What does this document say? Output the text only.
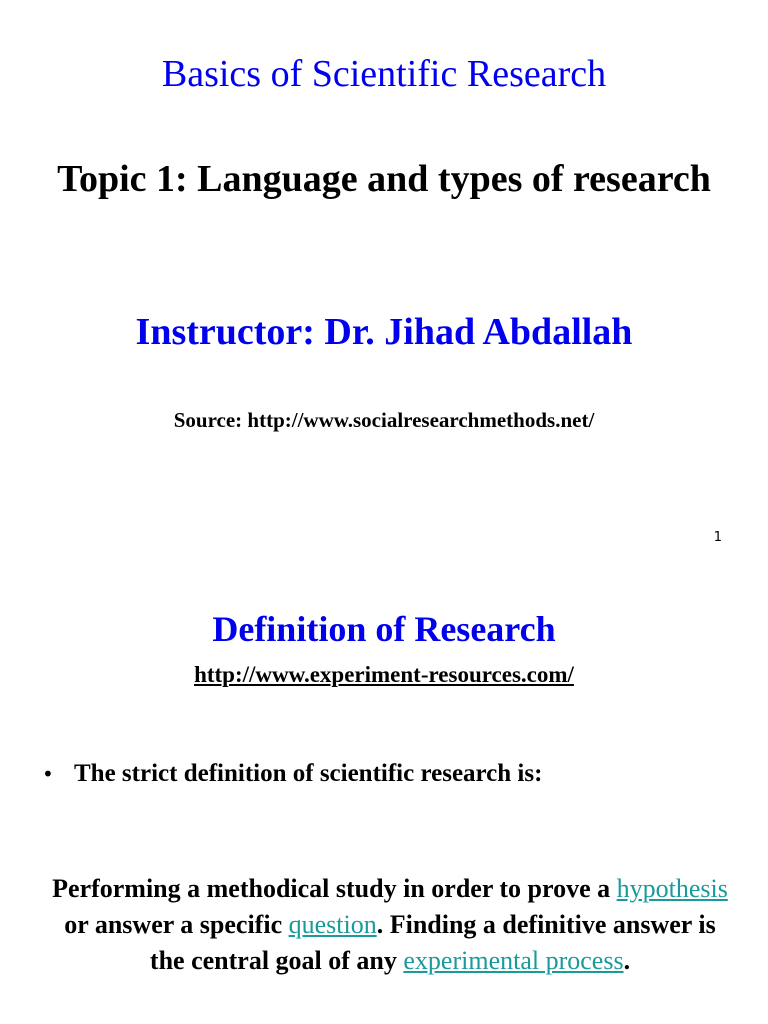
Basics of Scientific Research
Topic 1: Language and types of research
Instructor: Dr. Jihad Abdallah

Source: http://www.socialresearchmethods.net/

1
Definition of Research
http://www.experiment-resources.com/
• The strict definition of scientific research is:

Performing a methodical study in order to prove a hypothesis or answer a specific question. Finding a definitive answer is the central goal of any experimental process.
